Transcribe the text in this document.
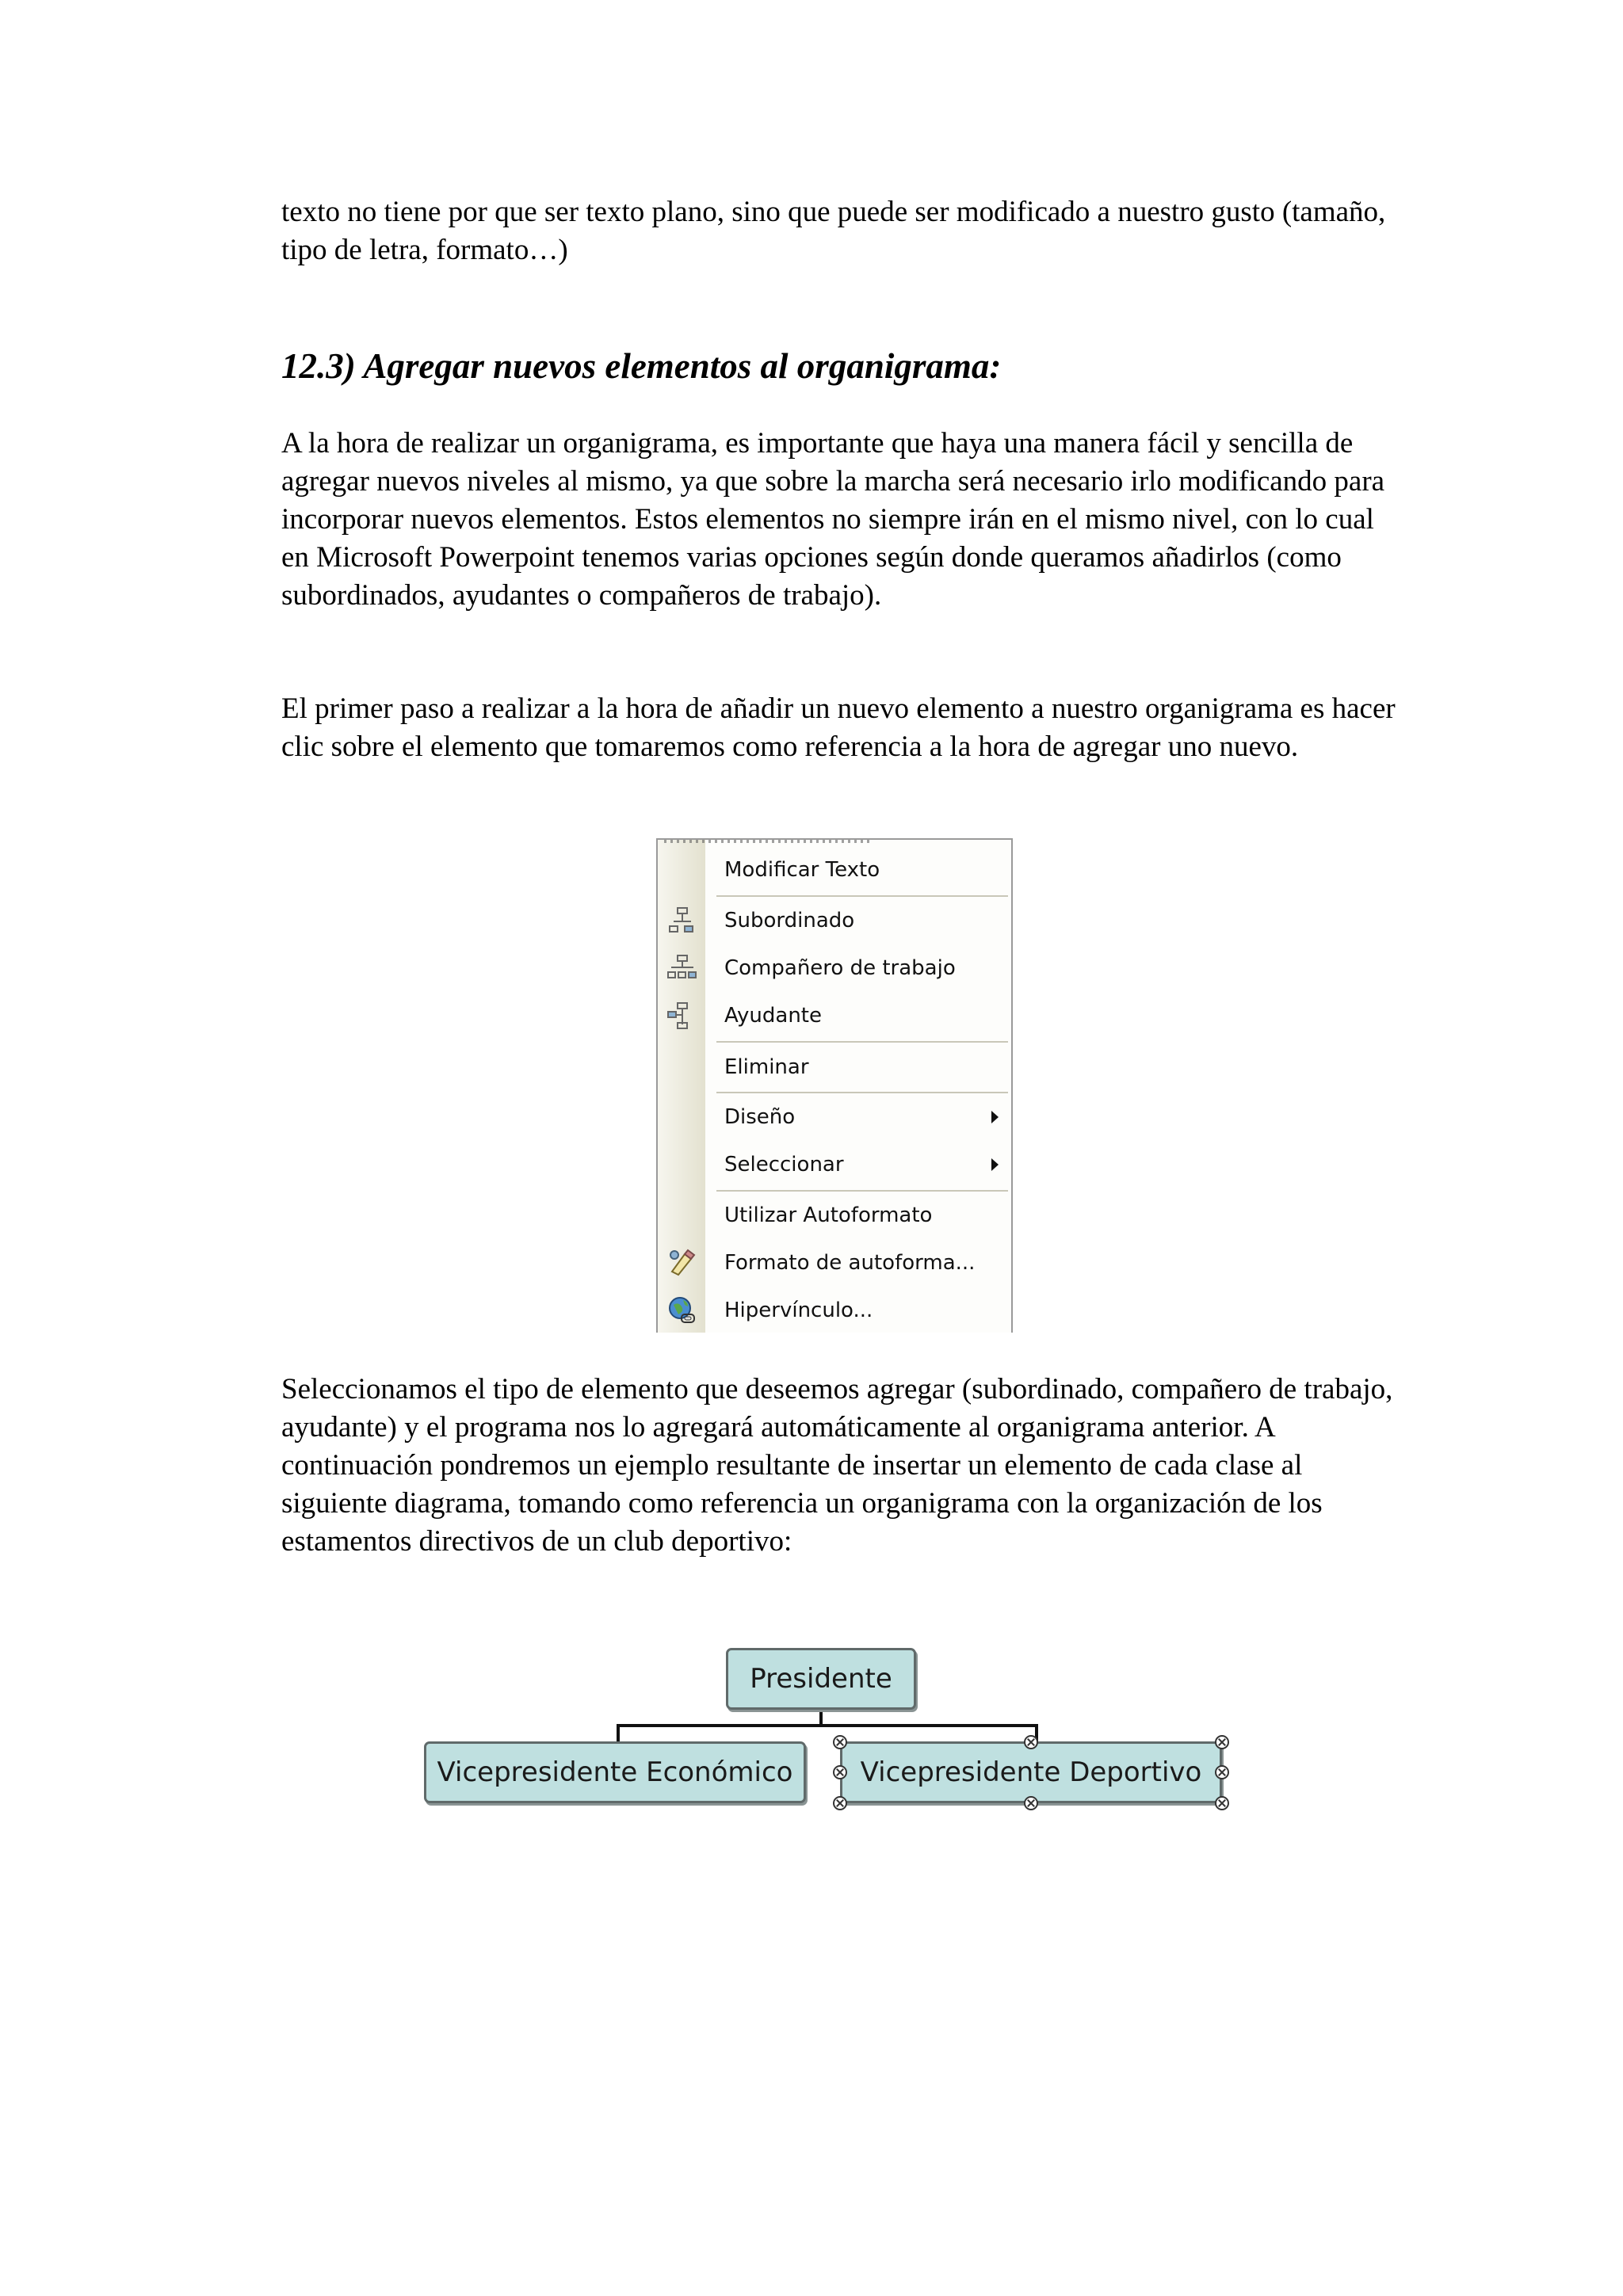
texto no tiene por que ser texto plano, sino que puede ser modificado a nuestro gusto (tamaño, tipo de letra, formato…)

12.3) Agregar nuevos elementos al organigrama:

A la hora de realizar un organigrama, es importante que haya una manera fácil y sencilla de agregar nuevos niveles al mismo, ya que sobre la marcha será necesario irlo modificando para incorporar nuevos elementos. Estos elementos no siempre irán en el mismo nivel, con lo cual en Microsoft Powerpoint tenemos varias opciones según donde queramos añadirlos (como subordinados, ayudantes o compañeros de trabajo).

El primer paso a realizar a la hora de añadir un nuevo elemento a nuestro organigrama es hacer clic sobre el elemento que tomaremos como referencia a la hora de agregar uno nuevo.

Modificar Texto
Subordinado
Compañero de trabajo
Ayudante
Eliminar
Diseño
Seleccionar
Utilizar Autoformato
Formato de autoforma...
Hipervínculo...

Seleccionamos el tipo de elemento que deseemos agregar (subordinado, compañero de trabajo, ayudante) y el programa nos lo agregará automáticamente al organigrama anterior. A continuación pondremos un ejemplo resultante de insertar un elemento de cada clase al siguiente diagrama, tomando como referencia un organigrama con la organización de los estamentos directivos de un club deportivo:

Presidente
Vicepresidente Económico	Vicepresidente Deportivo
